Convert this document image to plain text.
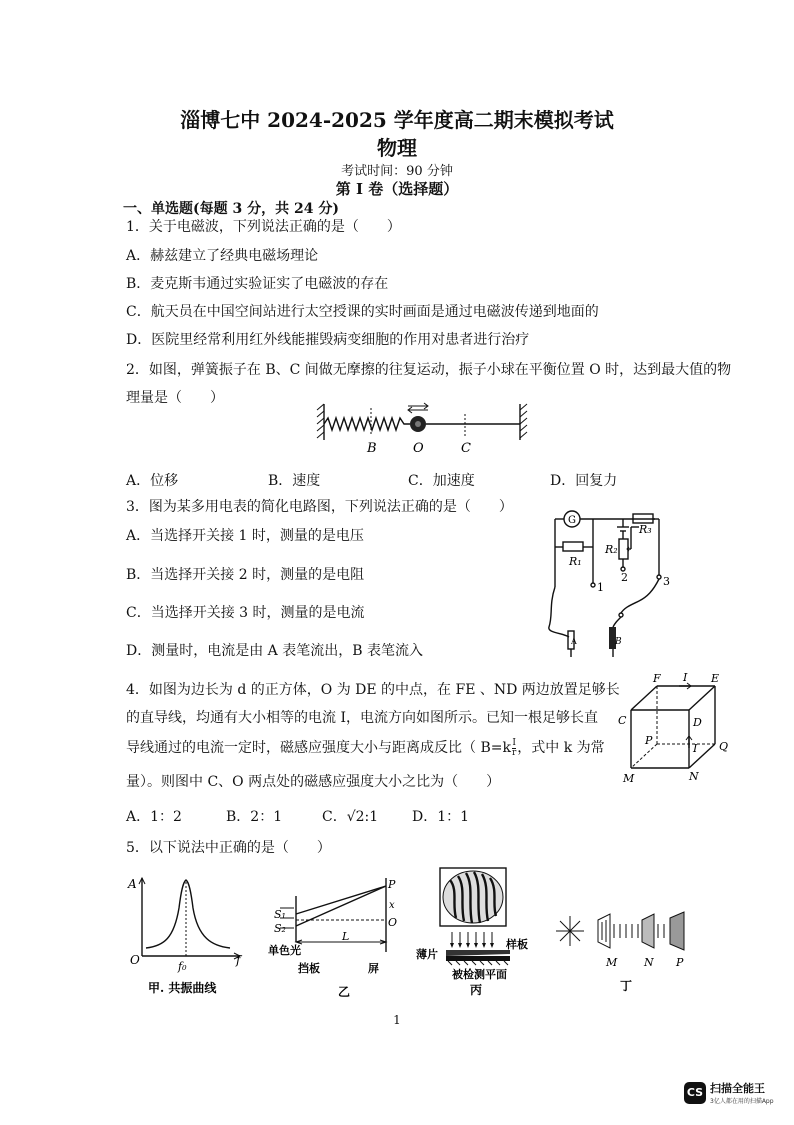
淄博七中 2024-2025 学年度高二期末模拟考试
物理
考试时间：90 分钟
第 I 卷（选择题）
一、单选题(每题 3 分，共 24 分)
1．关于电磁波，下列说法正确的是（　　）
A．赫兹建立了经典电磁场理论
B．麦克斯韦通过实验证实了电磁波的存在
C．航天员在中国空间站进行太空授课的实时画面是通过电磁波传递到地面的
D．医院里经常利用红外线能摧毁病变细胞的作用对患者进行治疗
2．如图，弹簧振子在 B、C 间做无摩擦的往复运动，振子小球在平衡位置 O 时，达到最大值的物
理量是（　　）
B	O	C
A．位移	B．速度	C．加速度	D．回复力
3．图为某多用电表的简化电路图，下列说法正确的是（　　）
A．当选择开关接 1 时，测量的是电压
B．当选择开关接 2 时，测量的是电阻
C．当选择开关接 3 时，测量的是电流
D．测量时，电流是由 A 表笔流出，B 表笔流入
G
R₁
1
A
R₂
2
R₃
3
B
4．如图为边长为 d 的正方体，O 为 DE 的中点，在 FE 、ND 两边放置足够长
的直导线，均通有大小相等的电流 I，电流方向如图所示。已知一根足够长直
导线通过的电流一定时，磁感应强度大小与距离成反比（ $B=k \frac{I}{r}$ ，式中 k 为常
量）。则图中 C、O 两点处的磁感应强度大小之比为（　　）
A．1：2	B．2：1	C．√2:1 D．1：1
F I E
C	D
P
I Q
M	N
5．以下说法中正确的是（　　）
A
O	f
f₀
甲. 共振曲线
S₁
S₂
P
x
O
L
单色光
挡板	屏
乙
薄片
样板
被检测平面
丙
M N P
丁
1
CS 扫描全能王
3亿人都在用的扫描App
